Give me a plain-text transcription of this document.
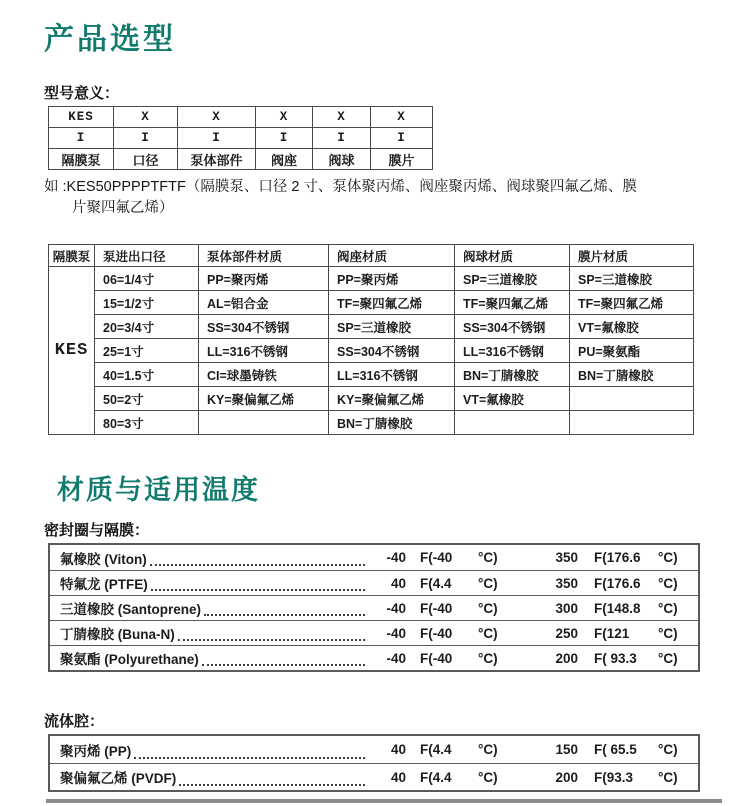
产品选型
型号意义：
KES	X	X	X	X	X
I	I	I	I	I	I
隔膜泵	口径	泵体部件	阀座	阀球	膜片
如 :KES50PPPPTFTF（隔膜泵、口径 2 寸、泵体聚丙烯、阀座聚丙烯、阀球聚四氟乙烯、膜
片聚四氟乙烯）
隔膜泵	泵进出口径	泵体部件材质	阀座材质	阀球材质	膜片材质
KES	06=1/4寸	PP=聚丙烯	PP=聚丙烯	SP=三道橡胶	SP=三道橡胶
	15=1/2寸	AL=铝合金	TF=聚四氟乙烯	TF=聚四氟乙烯	TF=聚四氟乙烯
	20=3/4寸	SS=304不锈钢	SP=三道橡胶	SS=304不锈钢	VT=氟橡胶
	25=1寸	LL=316不锈钢	SS=304不锈钢	LL=316不锈钢	PU=聚氨酯
	40=1.5寸	CI=球墨铸铁	LL=316不锈钢	BN=丁腈橡胶	BN=丁腈橡胶
	50=2寸	KY=聚偏氟乙烯	KY=聚偏氟乙烯	VT=氟橡胶	
	80=3寸		BN=丁腈橡胶		
材质与适用温度
密封圈与隔膜：
氟橡胶 (Viton)	-40 F(-40	°C)	350 F(176.6	°C)
特氟龙 (PTFE)	40 F(4.4	°C)	350 F(176.6	°C)
三道橡胶 (Santoprene)	-40 F(-40	°C)	300 F(148.8	°C)
丁腈橡胶 (Buna-N)	-40 F(-40	°C)	250 F(121	°C)
聚氨酯 (Polyurethane)	-40 F(-40	°C)	200 F( 93.3	°C)
流体腔：
聚丙烯 (PP)	40 F(4.4	°C)	150 F( 65.5	°C)
聚偏氟乙烯 (PVDF)	40 F(4.4	°C)	200 F(93.3	°C)
